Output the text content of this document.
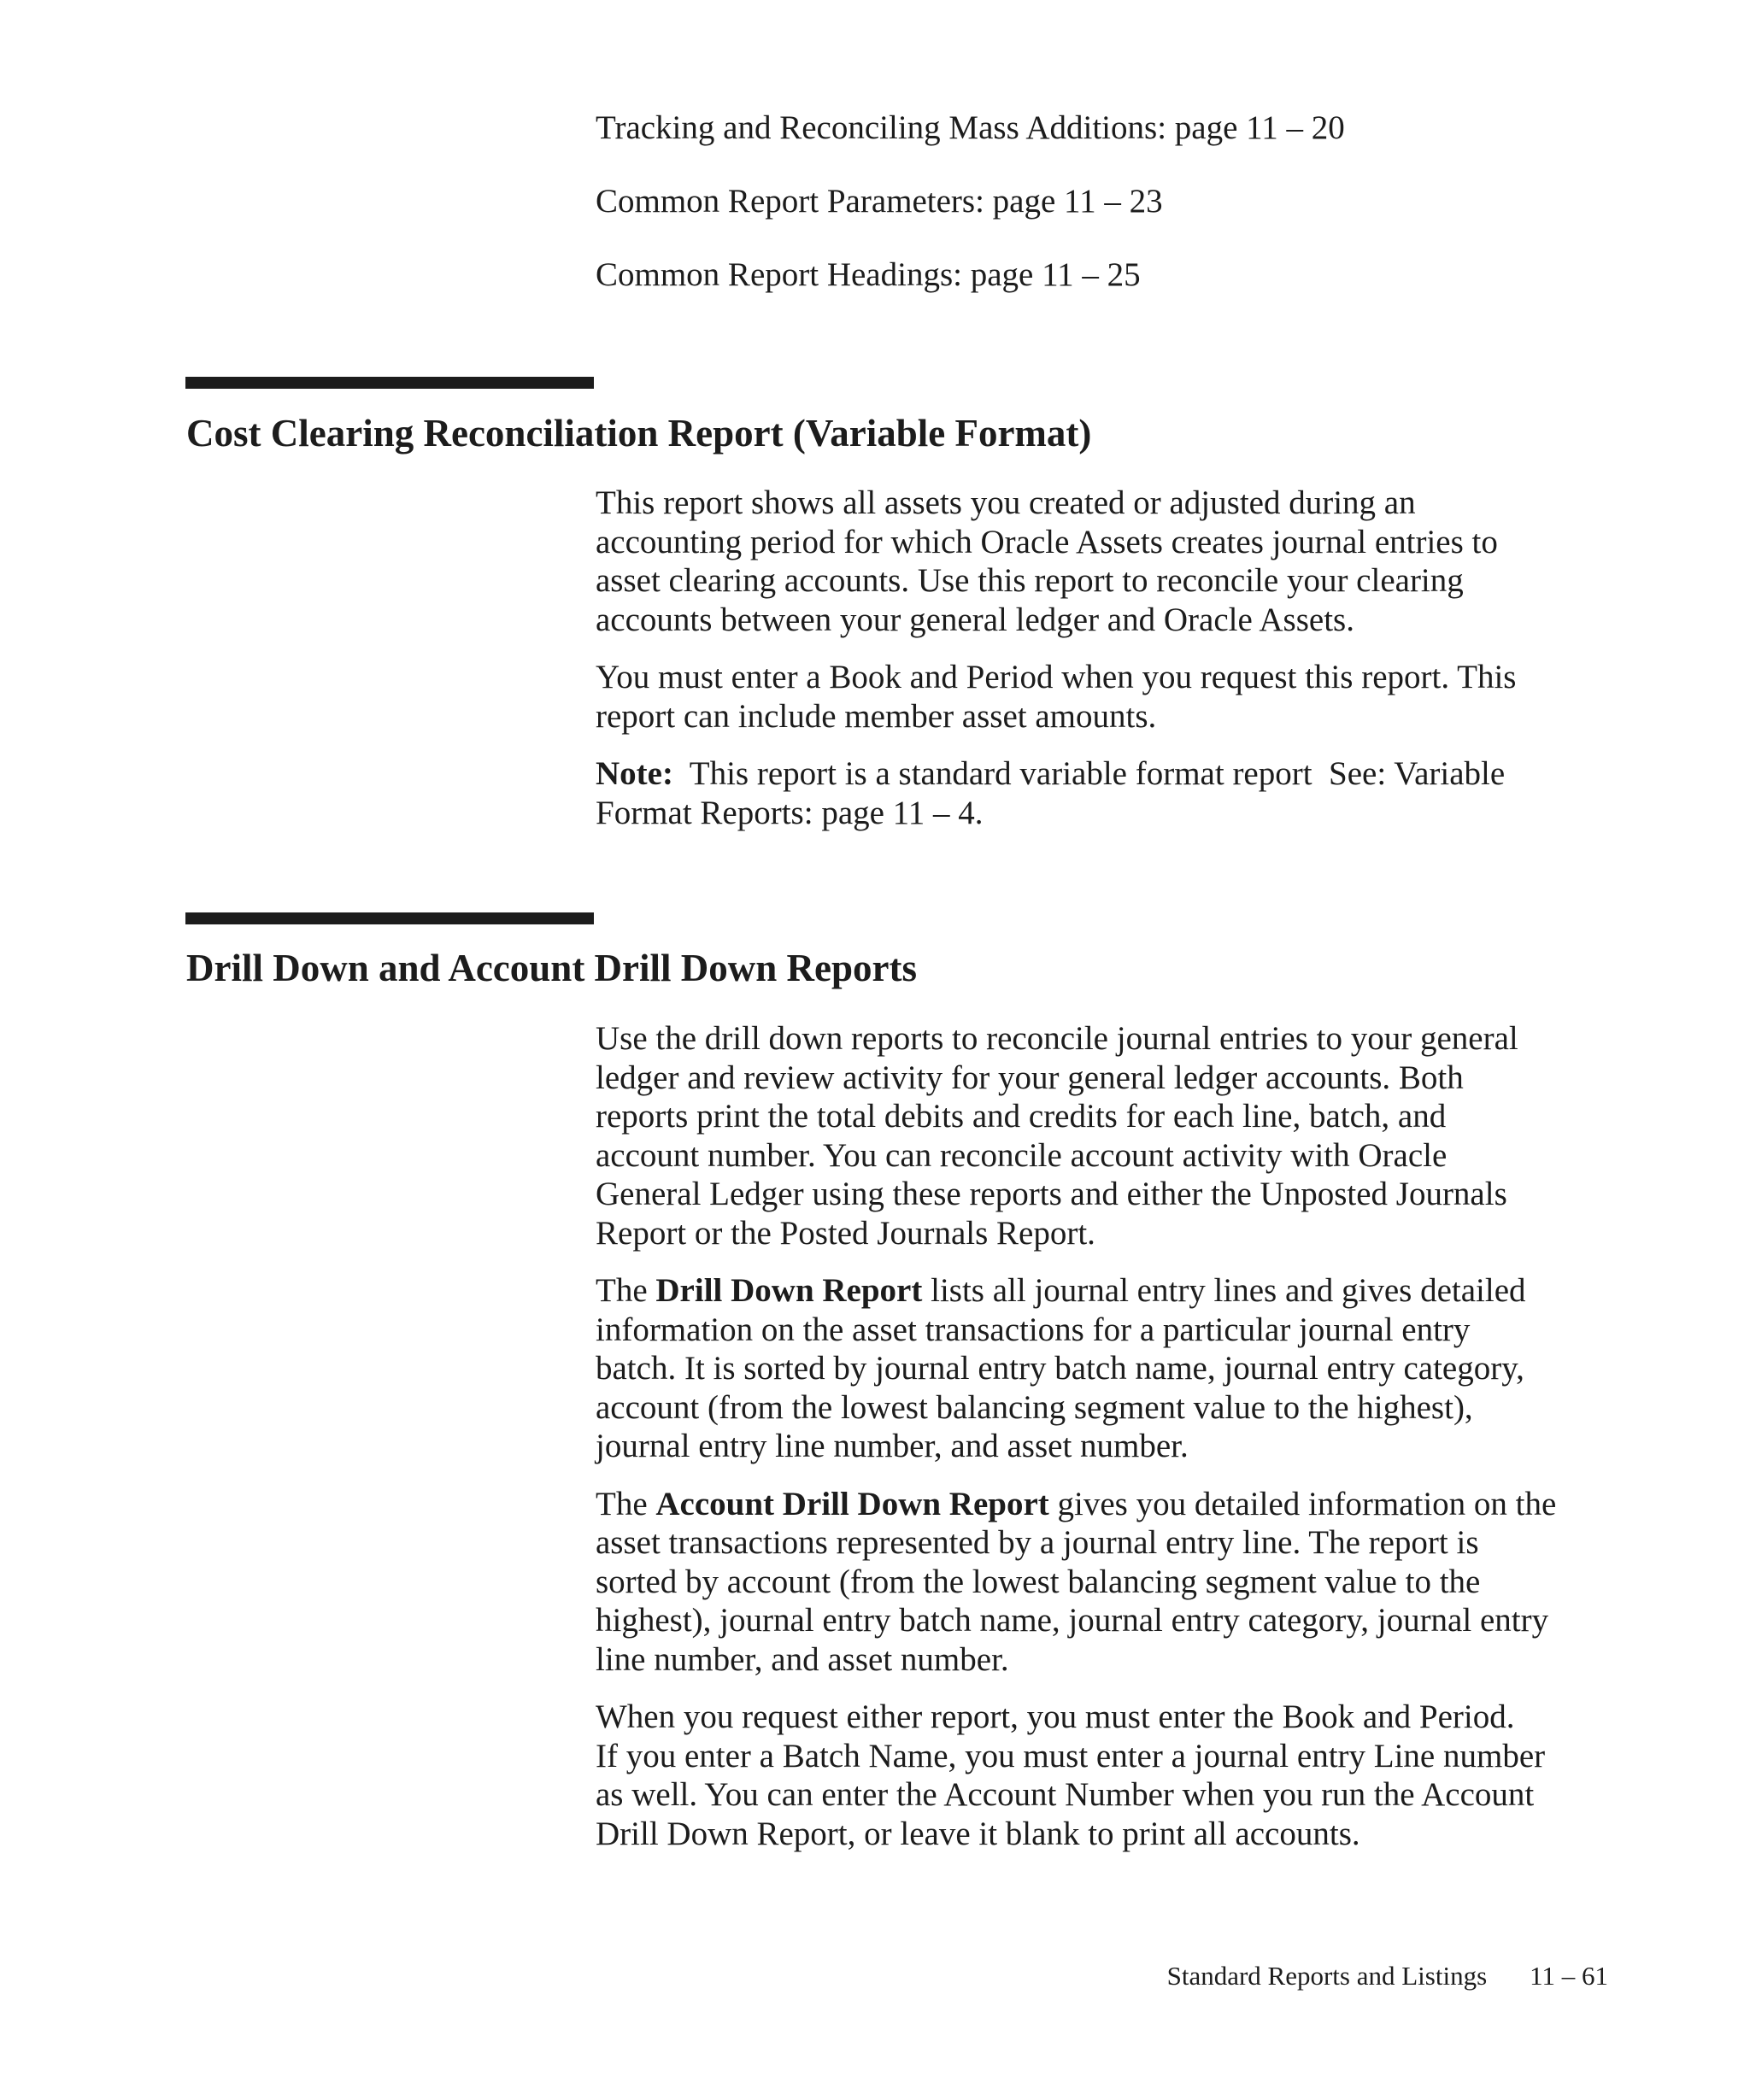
Tracking and Reconciling Mass Additions: page 11 – 20
Common Report Parameters: page 11 – 23
Common Report Headings: page 11 – 25
Cost Clearing Reconciliation Report (Variable Format)

This report shows all assets you created or adjusted during an
accounting period for which Oracle Assets creates journal entries to
asset clearing accounts. Use this report to reconcile your clearing
accounts between your general ledger and Oracle Assets.

You must enter a Book and Period when you request this report. This
report can include member asset amounts.

Note:  This report is a standard variable format report  See: Variable
Format Reports: page 11 – 4.

Drill Down and Account Drill Down Reports

Use the drill down reports to reconcile journal entries to your general
ledger and review activity for your general ledger accounts. Both
reports print the total debits and credits for each line, batch, and
account number. You can reconcile account activity with Oracle
General Ledger using these reports and either the Unposted Journals
Report or the Posted Journals Report.

The Drill Down Report lists all journal entry lines and gives detailed
information on the asset transactions for a particular journal entry
batch. It is sorted by journal entry batch name, journal entry category,
account (from the lowest balancing segment value to the highest),
journal entry line number, and asset number.

The Account Drill Down Report gives you detailed information on the
asset transactions represented by a journal entry line. The report is
sorted by account (from the lowest balancing segment value to the
highest), journal entry batch name, journal entry category, journal entry
line number, and asset number.

When you request either report, you must enter the Book and Period.
If you enter a Batch Name, you must enter a journal entry Line number
as well. You can enter the Account Number when you run the Account
Drill Down Report, or leave it blank to print all accounts.

Standard Reports and Listings 11 – 61
